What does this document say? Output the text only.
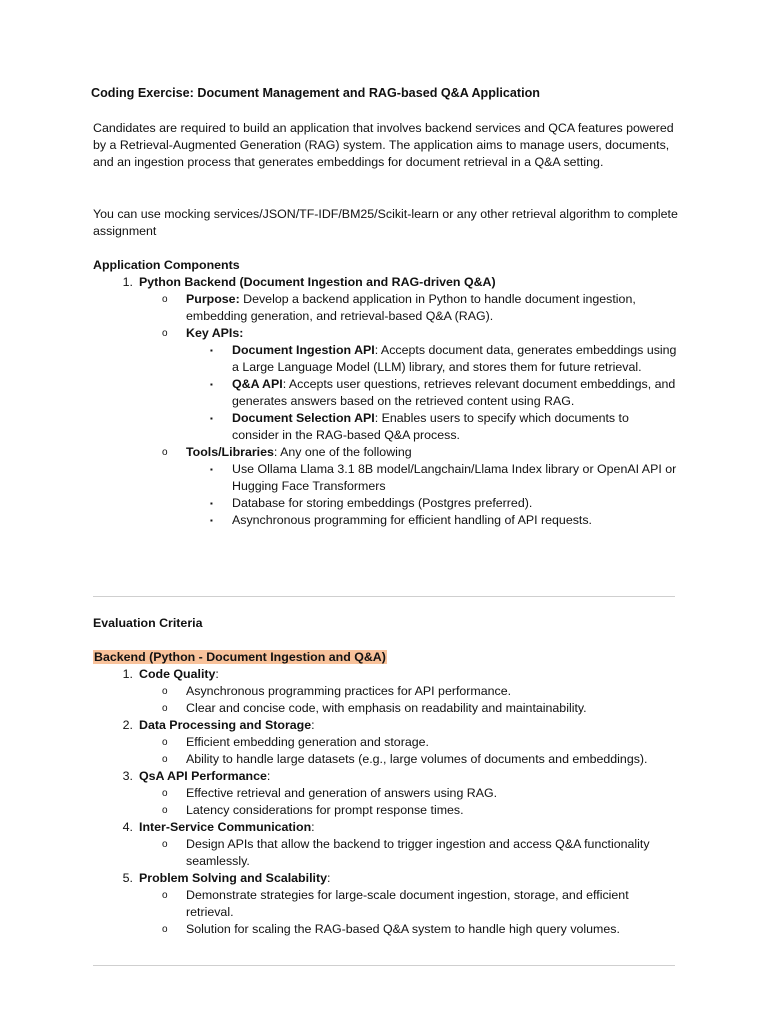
Coding Exercise: Document Management and RAG-based Q&A Application

Candidates are required to build an application that involves backend services and QCA features powered by a Retrieval-Augmented Generation (RAG) system. The application aims to manage users, documents, and an ingestion process that generates embeddings for document retrieval in a Q&A setting.

You can use mocking services/JSON/TF-IDF/BM25/Scikit-learn or any other retrieval algorithm to complete assignment

Application Components
1. Python Backend (Document Ingestion and RAG-driven Q&A)
o Purpose: Develop a backend application in Python to handle document ingestion, embedding generation, and retrieval-based Q&A (RAG).
o Key APIs:
▪ Document Ingestion API: Accepts document data, generates embeddings using a Large Language Model (LLM) library, and stores them for future retrieval.
▪ Q&A API: Accepts user questions, retrieves relevant document embeddings, and generates answers based on the retrieved content using RAG.
▪ Document Selection API: Enables users to specify which documents to consider in the RAG-based Q&A process.
o Tools/Libraries: Any one of the following
▪ Use Ollama Llama 3.1 8B model/Langchain/Llama Index library or OpenAI API or Hugging Face Transformers
▪ Database for storing embeddings (Postgres preferred).
▪ Asynchronous programming for efficient handling of API requests.
Evaluation Criteria
Backend (Python - Document Ingestion and Q&A)
1. Code Quality:
o Asynchronous programming practices for API performance.
o Clear and concise code, with emphasis on readability and maintainability.
2. Data Processing and Storage:
o Efficient embedding generation and storage.
o Ability to handle large datasets (e.g., large volumes of documents and embeddings).
3. QsA API Performance:
o Effective retrieval and generation of answers using RAG.
o Latency considerations for prompt response times.
4. Inter-Service Communication:
o Design APIs that allow the backend to trigger ingestion and access Q&A functionality seamlessly.
5. Problem Solving and Scalability:
o Demonstrate strategies for large-scale document ingestion, storage, and efficient retrieval.
o Solution for scaling the RAG-based Q&A system to handle high query volumes.
